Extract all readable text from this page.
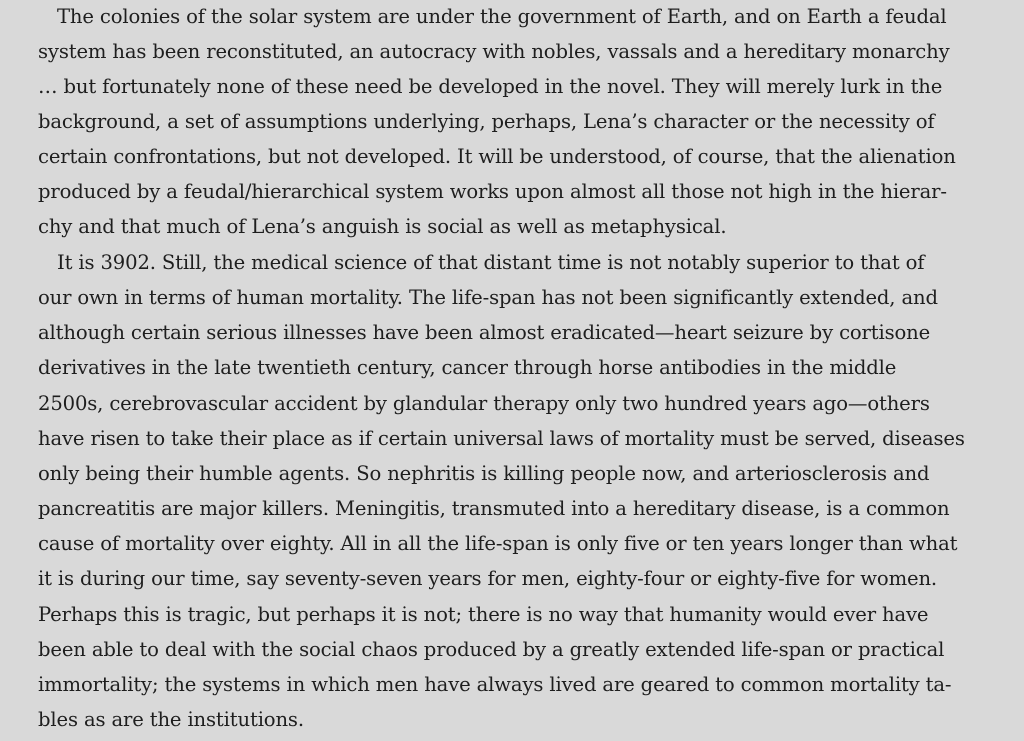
The colonies of the solar system are under the government of Earth, and on Earth a feudal
system has been reconstituted, an autocracy with nobles, vassals and a hereditary monarchy
… but fortunately none of these need be developed in the novel. They will merely lurk in the
background, a set of assumptions underlying, perhaps, Lena’s character or the necessity of
certain confrontations, but not developed. It will be understood, of course, that the alienation
produced by a feudal/hierarchical system works upon almost all those not high in the hierar-
chy and that much of Lena’s anguish is social as well as metaphysical.
It is 3902. Still, the medical science of that distant time is not notably superior to that of
our own in terms of human mortality. The life-span has not been significantly extended, and
although certain serious illnesses have been almost eradicated—heart seizure by cortisone
derivatives in the late twentieth century, cancer through horse antibodies in the middle
2500s, cerebrovascular accident by glandular therapy only two hundred years ago—others
have risen to take their place as if certain universal laws of mortality must be served, diseases
only being their humble agents. So nephritis is killing people now, and arteriosclerosis and
pancreatitis are major killers. Meningitis, transmuted into a hereditary disease, is a common
cause of mortality over eighty. All in all the life-span is only five or ten years longer than what
it is during our time, say seventy-seven years for men, eighty-four or eighty-five for women.
Perhaps this is tragic, but perhaps it is not; there is no way that humanity would ever have
been able to deal with the social chaos produced by a greatly extended life-span or practical
immortality; the systems in which men have always lived are geared to common mortality ta-
bles as are the institutions.
